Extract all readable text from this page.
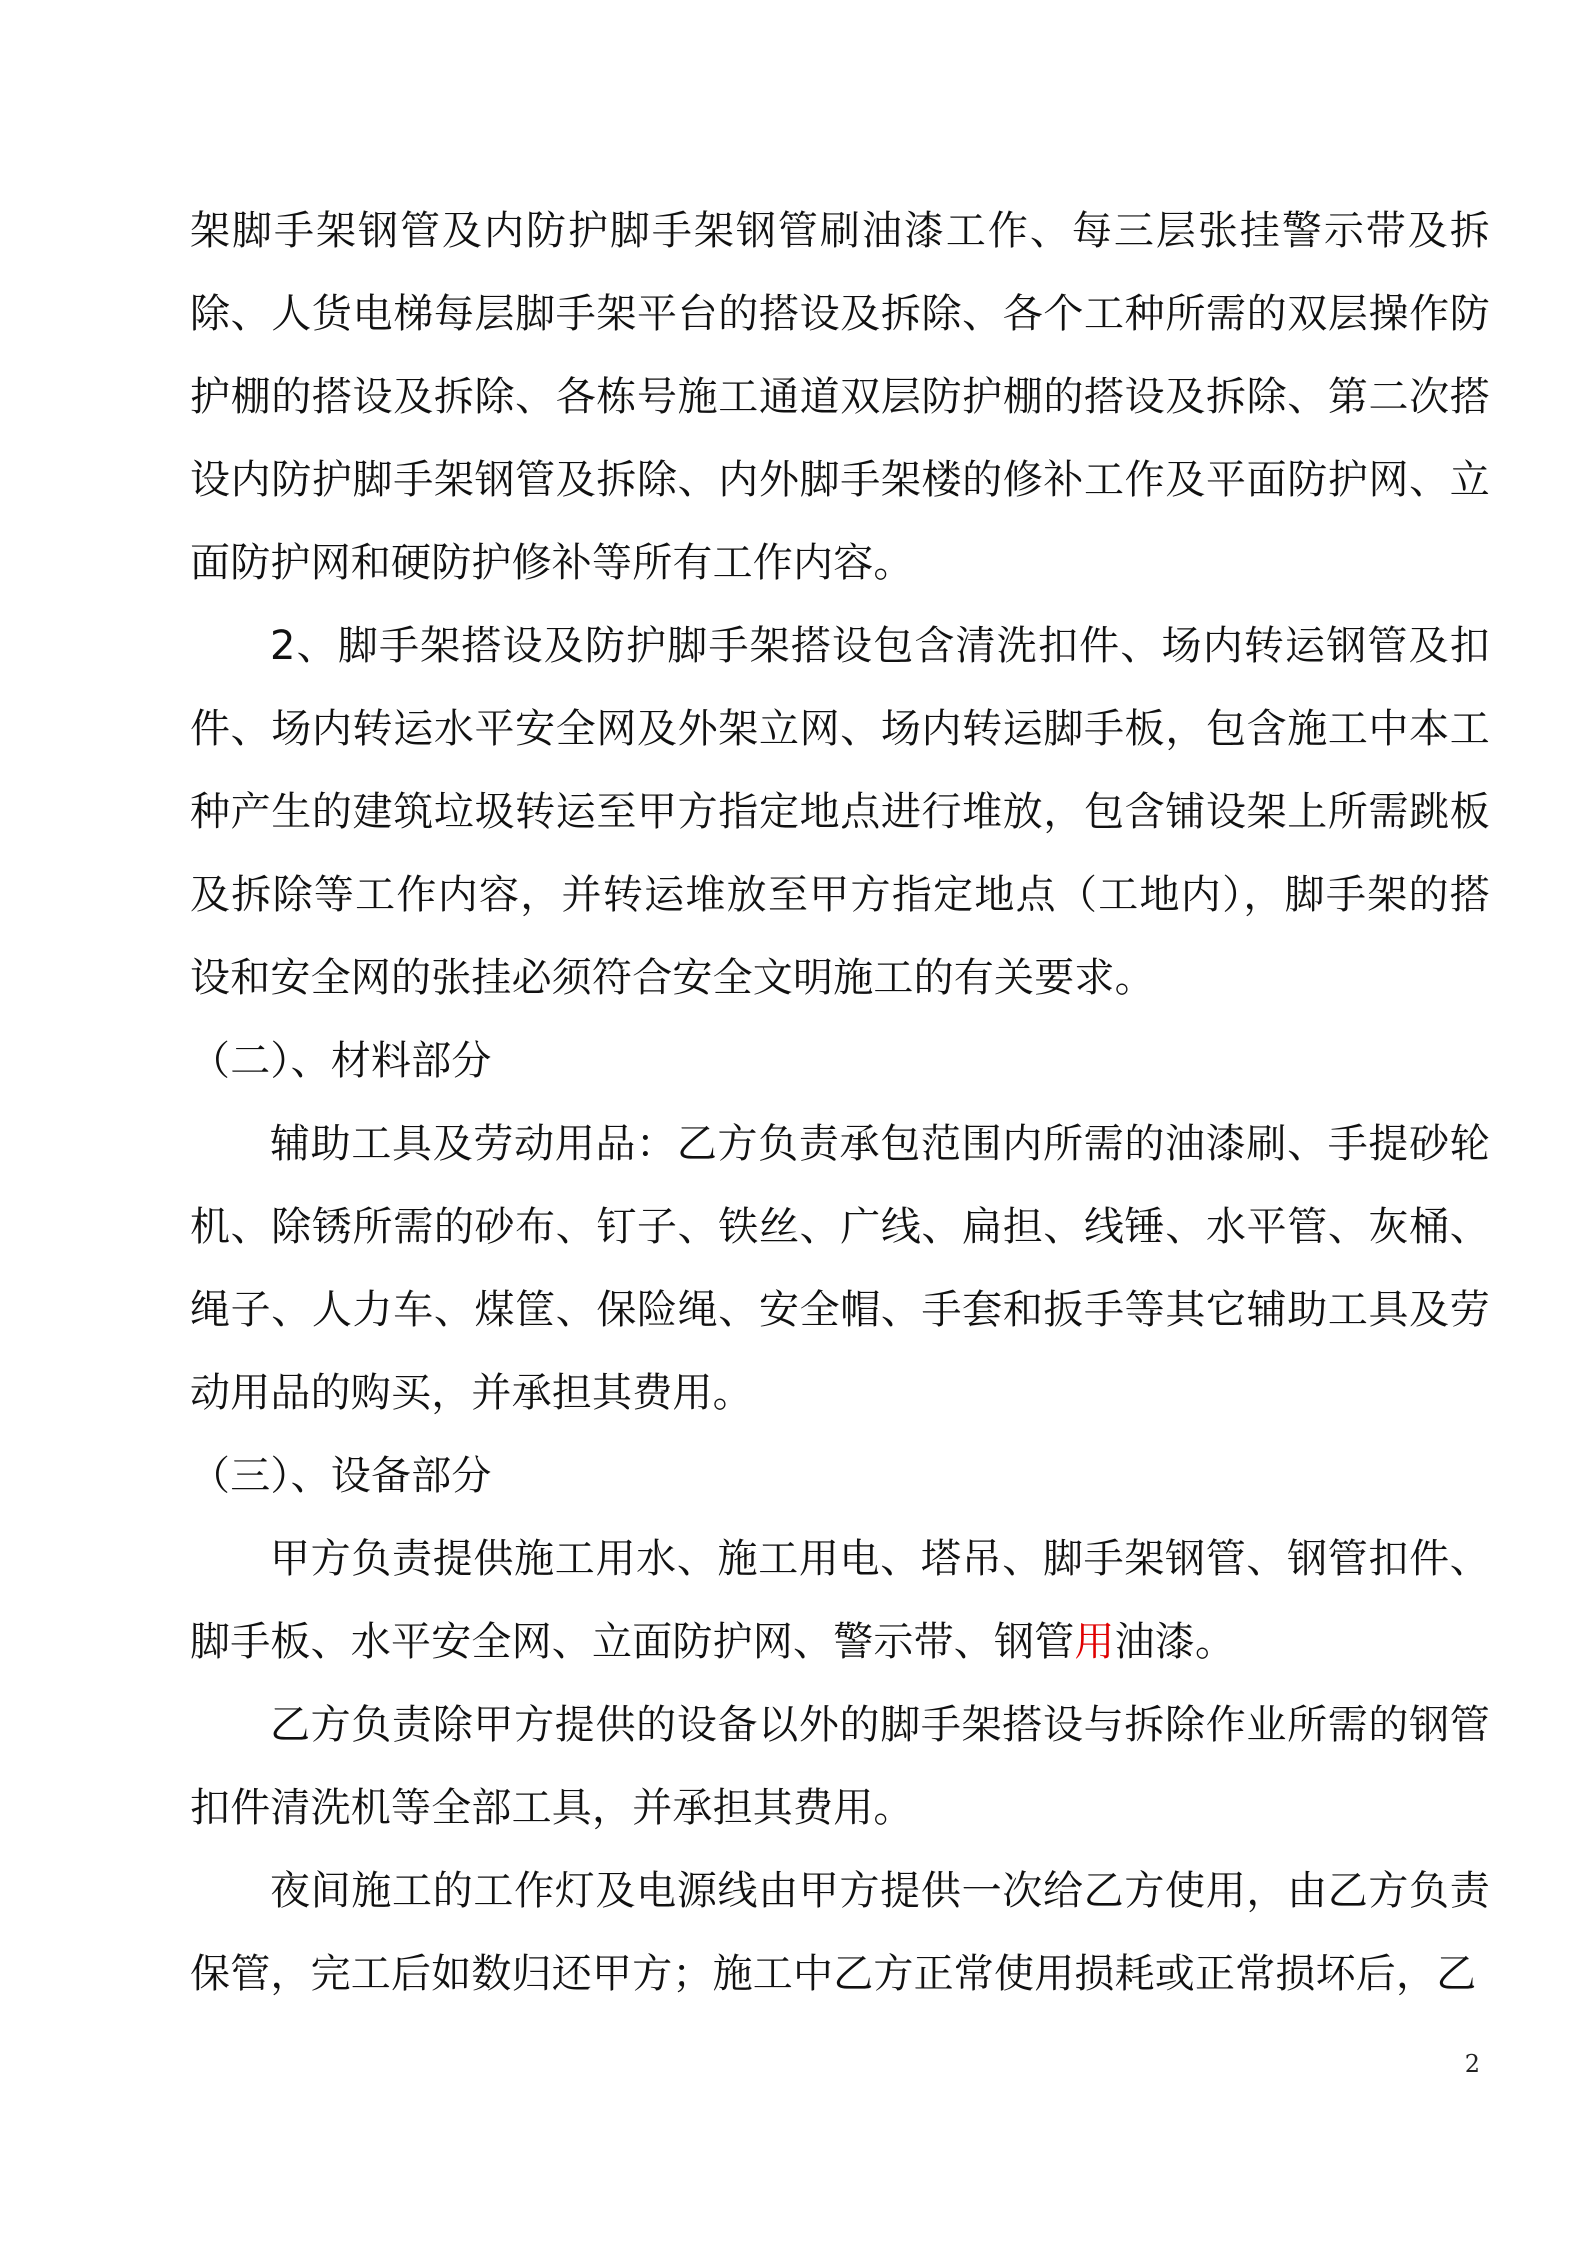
架脚手架钢管及内防护脚手架钢管刷油漆工作、每三层张挂警示带及拆除、人货电梯每层脚手架平台的搭设及拆除、各个工种所需的双层操作防护棚的搭设及拆除、各栋号施工通道双层防护棚的搭设及拆除、第二次搭设内防护脚手架钢管及拆除、内外脚手架楼的修补工作及平面防护网、立面防护网和硬防护修补等所有工作内容。

2、脚手架搭设及防护脚手架搭设包含清洗扣件、场内转运钢管及扣件、场内转运水平安全网及外架立网、场内转运脚手板，包含施工中本工种产生的建筑垃圾转运至甲方指定地点进行堆放，包含铺设架上所需跳板及拆除等工作内容，并转运堆放至甲方指定地点（工地内），脚手架的搭设和安全网的张挂必须符合安全文明施工的有关要求。

（二）、材料部分

辅助工具及劳动用品：乙方负责承包范围内所需的油漆刷、手提砂轮机、除锈所需的砂布、钉子、铁丝、广线、扁担、线锤、水平管、灰桶、绳子、人力车、煤筐、保险绳、安全帽、手套和扳手等其它辅助工具及劳动用品的购买，并承担其费用。

（三）、设备部分

甲方负责提供施工用水、施工用电、塔吊、脚手架钢管、钢管扣件、脚手板、水平安全网、立面防护网、警示带、钢管用油漆。

乙方负责除甲方提供的设备以外的脚手架搭设与拆除作业所需的钢管扣件清洗机等全部工具，并承担其费用。

夜间施工的工作灯及电源线由甲方提供一次给乙方使用，由乙方负责保管，完工后如数归还甲方；施工中乙方正常使用损耗或正常损坏后，乙

2
